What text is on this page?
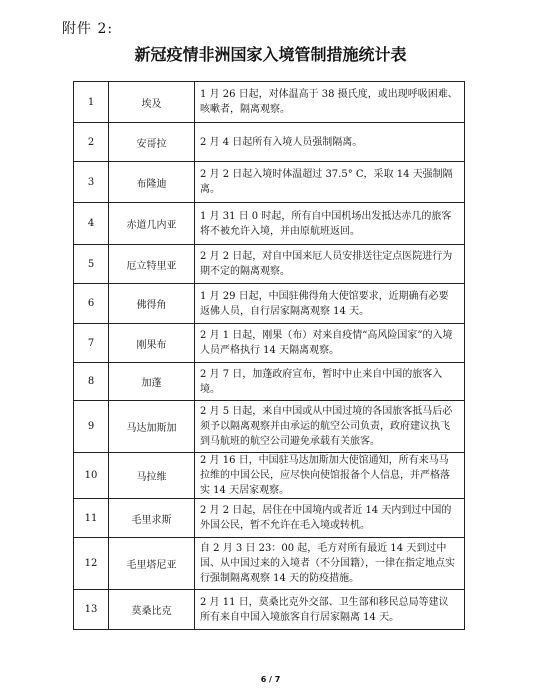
附件 2:
新冠疫情非洲国家入境管制措施统计表
1	埃及	1 月 26 日起，对体温高于 38 摄氏度，或出现呼吸困难、咳嗽者，隔离观察。
2	安哥拉	2 月 4 日起所有入境人员强制隔离。
3	布隆迪	2 月 2 日起入境时体温超过 37.5° C，采取 14 天强制隔离。
4	赤道几内亚	1 月 31 日 0 时起，所有自中国机场出发抵达赤几的旅客将不被允许入境，并由原航班返回。
5	厄立特里亚	2 月 2 日起，对自中国来厄人员安排送往定点医院进行为期不定的隔离观察。
6	佛得角	1 月 29 日起，中国驻佛得角大使馆要求，近期确有必要返佛人员，自行居家隔离观察 14 天。
7	刚果布	2 月 1 日起，刚果（布）对来自疫情“高风险国家”的入境人员严格执行 14 天隔离观察。
8	加蓬	2 月 7 日，加蓬政府宣布，暂时中止来自中国的旅客入境。
9	马达加斯加	2 月 5 日起，来自中国或从中国过境的各国旅客抵马后必须予以隔离观察并由承运的航空公司负责，政府建议执飞到马航班的航空公司避免承载有关旅客。
10	马拉维	2 月 16 日，中国驻马达加斯加大使馆通知，所有来马马拉维的中国公民，应尽快向使馆报备个人信息，并严格落实 14 天居家观察。
11	毛里求斯	2 月 2 日起，居住在中国境内或者近 14 天内到过中国的外国公民，暂不允许在毛入境或转机。
12	毛里塔尼亚	自 2 月 3 日 23：00 起，毛方对所有最近 14 天到过中国、从中国过来的入境者（不分国籍），一律在指定地点实行强制隔离观察 14 天的防疫措施。
13	莫桑比克	2 月 11 日，莫桑比克外交部、卫生部和移民总局等建议所有来自中国入境旅客自行居家隔离 14 天。
6 / 7
